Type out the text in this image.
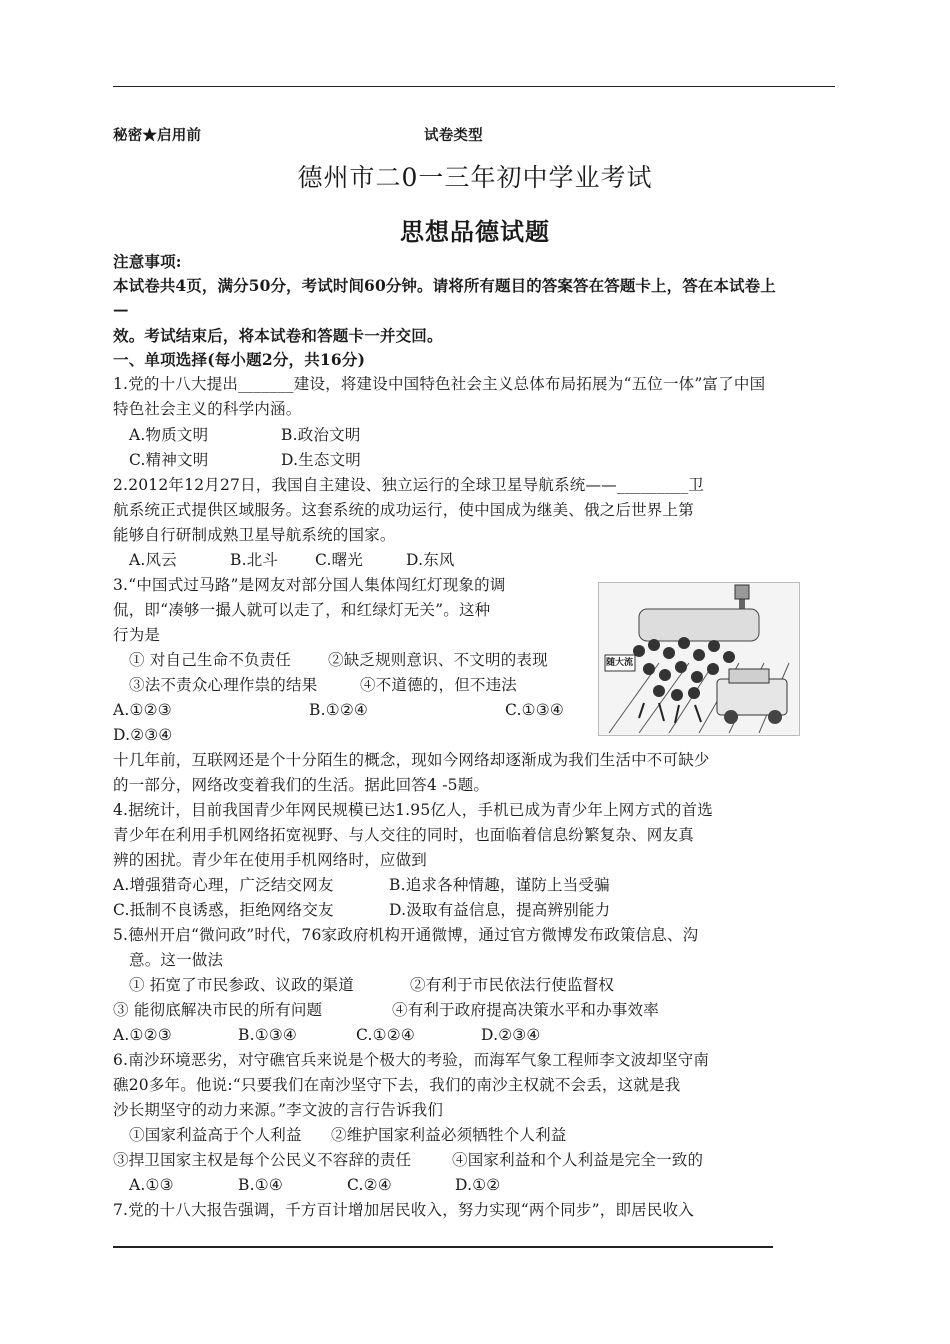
秘密★启用前	试卷类型
德州市二0一三年初中学业考试
思想品德试题
注意事项:
本试卷共4页，满分50分，考试时间60分钟。请将所有题目的答案答在答题卡上，答在本试卷上
—
效。考试结束后，将本试卷和答题卡一并交回。
一、单项选择(每小题2分，共16分)
1.党的十八大提出_______建设，将建设中国特色社会主义总体布局拓展为“五位一体”富了中国
特色社会主义的科学内涵。
A.物质文明	B.政治文明
C.精神文明	D.生态文明
2.2012年12月27日，我国自主建设、独立运行的全球卫星导航系统——_________卫
航系统正式提供区域服务。这套系统的成功运行，使中国成为继美、俄之后世界上第
能够自行研制成熟卫星导航系统的国家。
A.风云	B.北斗 C.曙光	D.东风
3.“中国式过马路”是网友对部分国人集体闯红灯现象的调
侃，即“凑够一撮人就可以走了，和红绿灯无关”。这种
行为是
① 对自己生命不负责任 ②缺乏规则意识、不文明的表现
③法不责众心理作祟的结果	④不道德的，但不违法
A.①②③	B.①②④	C.①③④
D.②③④
随大流
十几年前，互联网还是个十分陌生的概念，现如今网络却逐渐成为我们生活中不可缺少
的一部分，网络改变着我们的生活。据此回答4 -5题。
4.据统计，目前我国青少年网民规模已达1.95亿人，手机已成为青少年上网方式的首选
青少年在利用手机网络拓宽视野、与人交往的同时，也面临着信息纷繁复杂、网友真
辨的困扰。青少年在使用手机网络时，应做到
A.增强猎奇心理，广泛结交网友	B.追求各种情趣，谨防上当受骗
C.抵制不良诱惑，拒绝网络交友	D.汲取有益信息，提高辨别能力
5.德州开启“微问政”时代，76家政府机构开通微博，通过官方微博发布政策信息、沟
意。这一做法
① 拓宽了市民参政、议政的渠道	②有利于市民依法行使监督权
③ 能彻底解决市民的所有问题	④有利于政府提高决策水平和办事效率
A.①②③	B.①③④	C.①②④	D.②③④
6.南沙环境恶劣，对守礁官兵来说是个极大的考验，而海军气象工程师李文波却坚守南
礁20多年。他说:“只要我们在南沙坚守下去，我们的南沙主权就不会丢，这就是我
沙长期坚守的动力来源。”李文波的言行告诉我们
①国家利益高于个人利益 ②维护国家利益必须牺牲个人利益
③捍卫国家主权是每个公民义不容辞的责任	④国家利益和个人利益是完全一致的
A.①③	B.①④	C.②④	D.①②
7.党的十八大报告强调，千方百计增加居民收入，努力实现“两个同步”，即居民收入
